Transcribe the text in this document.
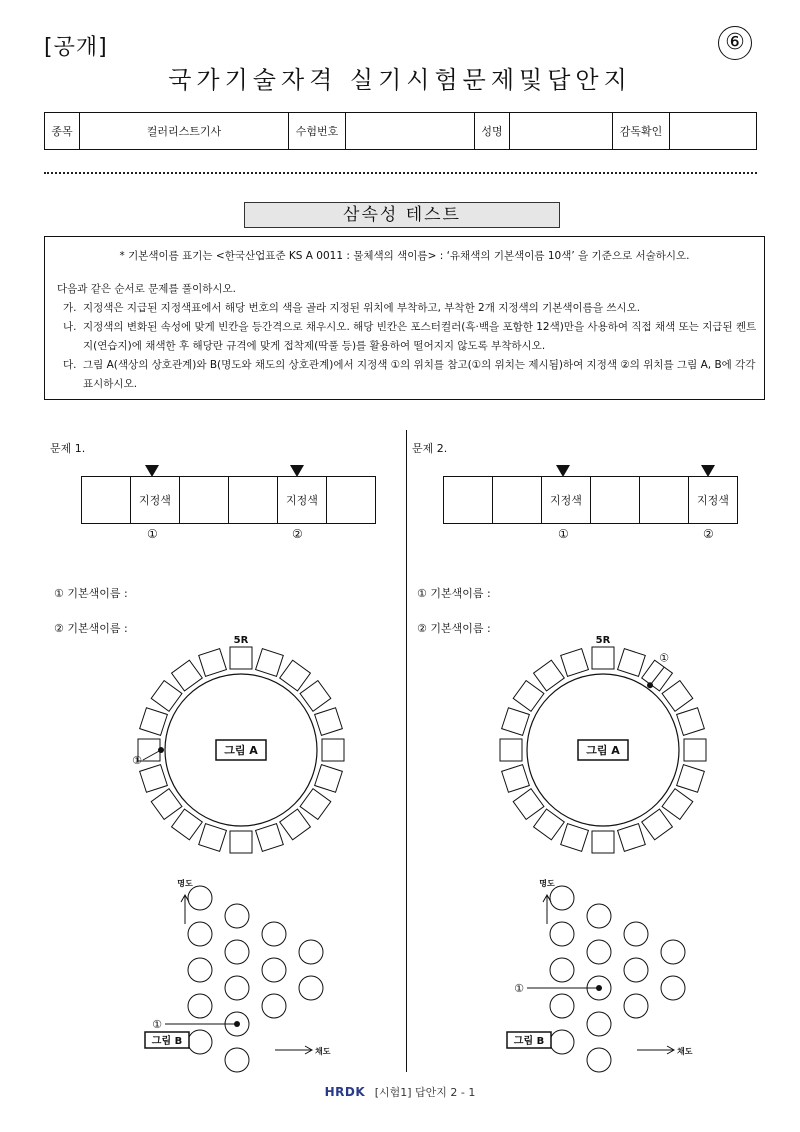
[공개]	⑥
국가기술자격 실기시험문제및답안지
종목	컬러리스트기사	수험번호		성명		감독확인	
삼속성 테스트
* 기본색이름 표기는 <한국산업표준 KS A 0011 : 물체색의 색이름> : ‘유채색의 기본색이름 10색’ 을 기준으로 서술하시오.
다음과 같은 순서로 문제를 풀이하시오.
가. 지정색은 지급된 지정색표에서 해당 번호의 색을 골라 지정된 위치에 부착하고, 부착한 2개 지정색의 기본색이름을 쓰시오.
나. 지정색의 변화된 속성에 맞게 빈칸을 등간격으로 채우시오. 해당 빈칸은 포스터컬러(흑·백을 포함한 12색)만을 사용하여 직접 채색 또는 지급된 켄트지(연습지)에 채색한 후 해당란 규격에 맞게 접착제(딱풀 등)를 활용하여 떨어지지 않도록 부착하시오.
다. 그림 A(색상의 상호관계)와 B(명도와 채도의 상호관계)에서 지정색 ①의 위치를 참고(①의 위치는 제시됨)하여 지정색 ②의 위치를 그림 A, B에 각각 표시하시오.
문제 1.
	지정색			지정색	
①	②
① 기본색이름 :
② 기본색이름 :
문제 2.
		지정색			지정색
①	②
① 기본색이름 :
② 기본색이름 :
5R
그림 A
①
5R
그림 A
①
명도
채도
그림 B
①
명도
채도
그림 B
①
HRDK [시험1] 답안지 2 - 1
